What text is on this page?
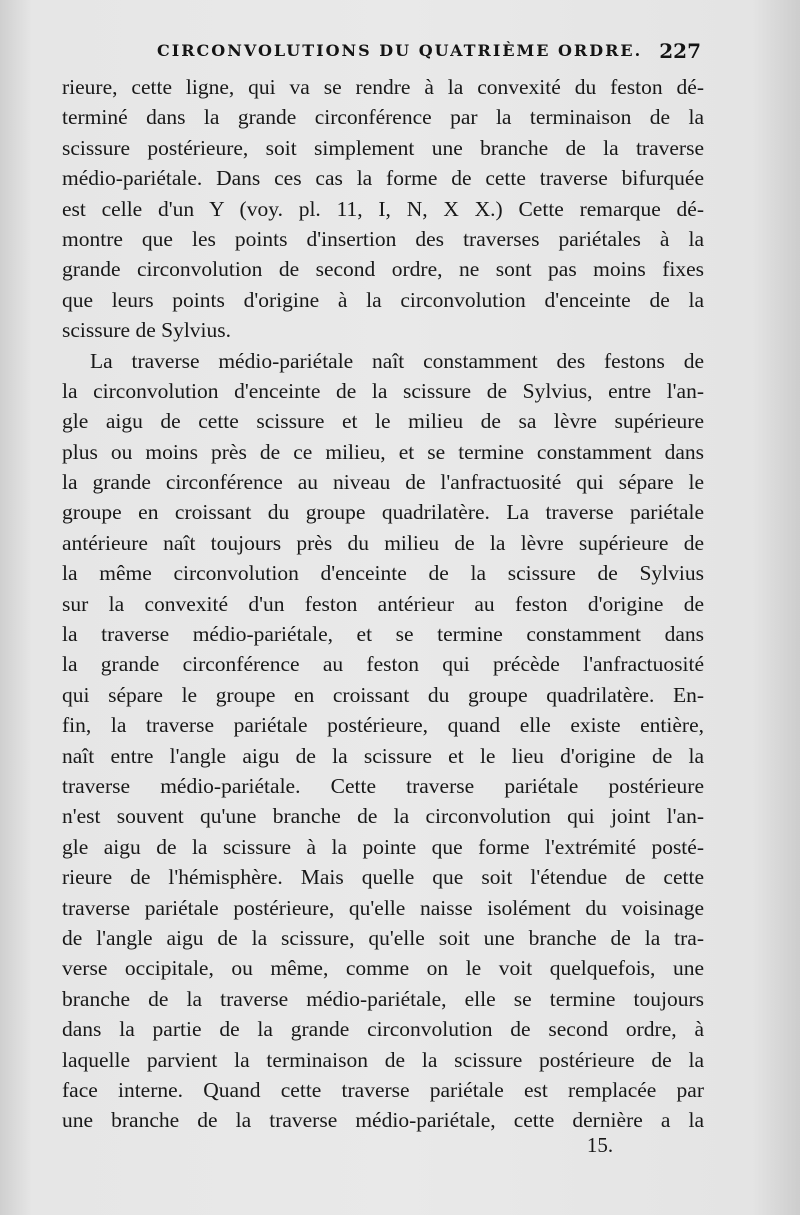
CIRCONVOLUTIONS DU QUATRIÈME ORDRE. 227
rieure, cette ligne, qui va se rendre à la convexité du feston dé-
terminé dans la grande circonférence par la terminaison de la
scissure postérieure, soit simplement une branche de la traverse
médio-pariétale. Dans ces cas la forme de cette traverse bifurquée
est celle d'un Y (voy. pl. 11, I, N, X X.) Cette remarque dé-
montre que les points d'insertion des traverses pariétales à la
grande circonvolution de second ordre, ne sont pas moins fixes
que leurs points d'origine à la circonvolution d'enceinte de la
scissure de Sylvius.
La traverse médio-pariétale naît constamment des festons de
la circonvolution d'enceinte de la scissure de Sylvius, entre l'an-
gle aigu de cette scissure et le milieu de sa lèvre supérieure
plus ou moins près de ce milieu, et se termine constamment dans
la grande circonférence au niveau de l'anfractuosité qui sépare le
groupe en croissant du groupe quadrilatère. La traverse pariétale
antérieure naît toujours près du milieu de la lèvre supérieure de
la même circonvolution d'enceinte de la scissure de Sylvius
sur la convexité d'un feston antérieur au feston d'origine de
la traverse médio-pariétale, et se termine constamment dans
la grande circonférence au feston qui précède l'anfractuosité
qui sépare le groupe en croissant du groupe quadrilatère. En-
fin, la traverse pariétale postérieure, quand elle existe entière,
naît entre l'angle aigu de la scissure et le lieu d'origine de la
traverse médio-pariétale. Cette traverse pariétale postérieure
n'est souvent qu'une branche de la circonvolution qui joint l'an-
gle aigu de la scissure à la pointe que forme l'extrémité posté-
rieure de l'hémisphère. Mais quelle que soit l'étendue de cette
traverse pariétale postérieure, qu'elle naisse isolément du voisinage
de l'angle aigu de la scissure, qu'elle soit une branche de la tra-
verse occipitale, ou même, comme on le voit quelquefois, une
branche de la traverse médio-pariétale, elle se termine toujours
dans la partie de la grande circonvolution de second ordre, à
laquelle parvient la terminaison de la scissure postérieure de la
face interne. Quand cette traverse pariétale est remplacée par
une branche de la traverse médio-pariétale, cette dernière a la
15.
